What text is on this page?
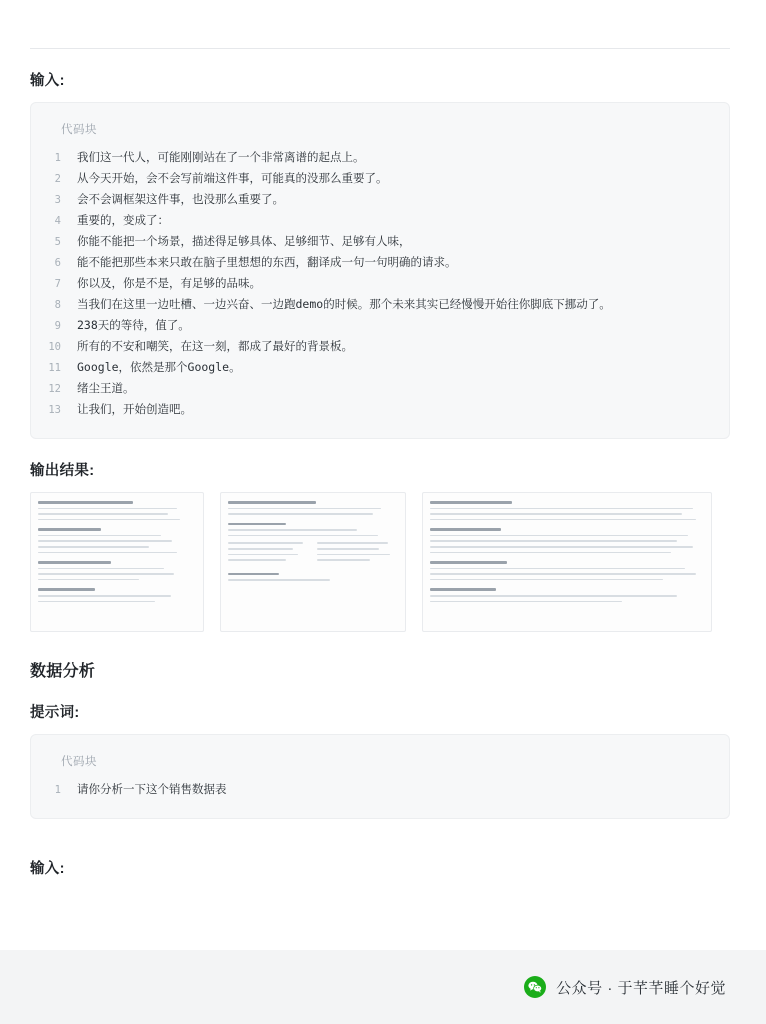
输入:
代码块
1	我们这一代人，可能刚刚站在了一个非常离谱的起点上。
2	从今天开始，会不会写前端这件事，可能真的没那么重要了。
3	会不会调框架这件事，也没那么重要了。
4	重要的，变成了：
5	你能不能把一个场景，描述得足够具体、足够细节、足够有人味，
6	能不能把那些本来只敢在脑子里想想的东西，翻译成一句一句明确的请求。
7	你以及，你是不是，有足够的品味。
8	当我们在这里一边吐槽、一边兴奋、一边跑demo的时候。那个未来其实已经慢慢开始往你脚底下挪动了。
9	238天的等待，值了。
10	所有的不安和嘲笑，在这一刻，都成了最好的背景板。
11	Google，依然是那个Google。
12	绪尘王道。
13	让我们，开始创造吧。
输出结果:
数据分析
提示词:
代码块
1	请你分析一下这个销售数据表
输入:
公众号 · 于芊芊睡个好觉
